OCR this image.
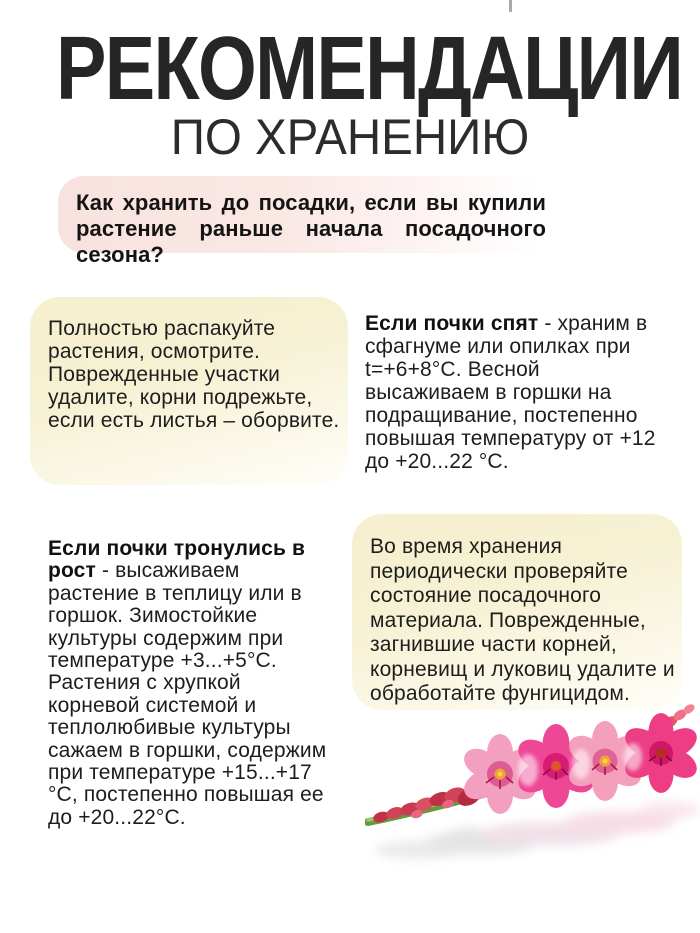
РЕКОМЕНДАЦИИ
ПО ХРАНЕНИЮ

Как хранить до посадки, если вы купили растение раньше начала посадочного сезона?

Полностью распакуйте растения, осмотрите. Поврежденные участки удалите, корни подрежьте, если есть листья – оборвите.

Если почки спят - храним в сфагнуме или опилках при t=+6+8°С. Весной высаживаем в горшки на подращивание, постепенно повышая температуру от +12 до +20...22 °С.

Если почки тронулись в рост - высаживаем растение в теплицу или в горшок. Зимостойкие культуры содержим при температуре +3...+5°С. Растения с хрупкой корневой системой и теплолюбивые культуры сажаем в горшки, содержим при температуре +15...+17 °С, постепенно повышая ее до +20...22°С.

Во время хранения периодически проверяйте состояние посадочного материала. Поврежденные, загнившие части корней, корневищ и луковиц удалите и обработайте фунгицидом.
